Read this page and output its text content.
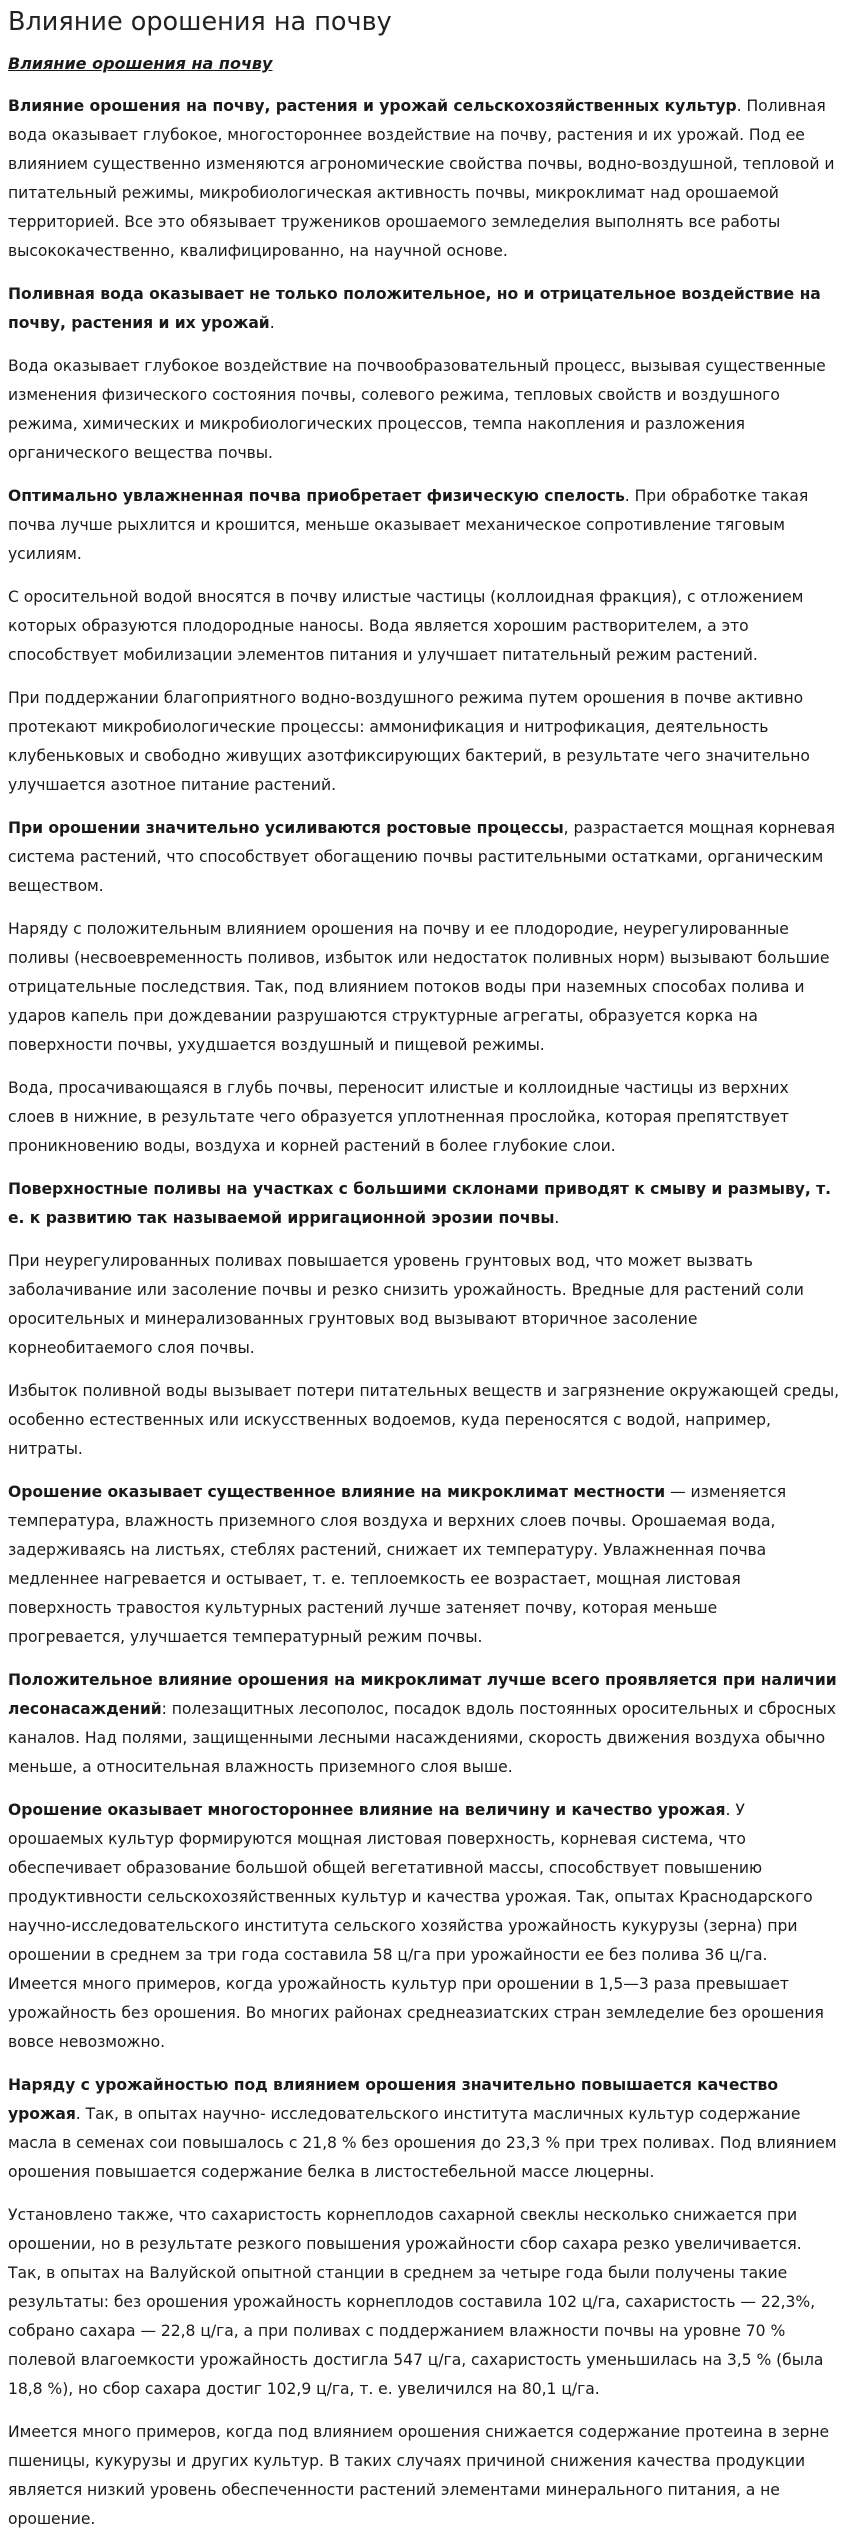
Влияние орошения на почву
Влияние орошения на почву

Влияние орошения на почву, растения и урожай сельскохозяйственных культур. Поливная вода оказывает глубокое, многостороннее воздействие на почву, растения и их урожай. Под ее влиянием существенно изменяются агрономические свойства почвы, водно-воздушной, тепловой и питательный режимы, микробиологическая активность почвы, микроклимат над орошаемой территорией. Все это обязывает тружеников орошаемого земледелия выполнять все работы высококачественно, квалифицированно, на научной основе.

Поливная вода оказывает не только положительное, но и отрицательное воздействие на почву, растения и их урожай.

Вода оказывает глубокое воздействие на почвообразовательный процесс, вызывая существенные изменения физического состояния почвы, солевого режима, тепловых свойств и воздушного режима, химических и микробиологических процессов, темпа накопления и разложения органического вещества почвы.

Оптимально увлажненная почва приобретает физическую спелость. При обработке такая почва лучше рыхлится и крошится, меньше оказывает механическое сопротивление тяговым усилиям.

С оросительной водой вносятся в почву илистые частицы (коллоидная фракция), с отложением которых образуются плодородные наносы. Вода является хорошим растворителем, а это способствует мобилизации элементов питания и улучшает питательный режим растений.

При поддержании благоприятного водно-воздушного режима путем орошения в почве активно протекают микробиологические процессы: аммонификация и нитрофикация, деятельность клубеньковых и свободно живущих азотфиксирующих бактерий, в результате чего значительно улучшается азотное питание растений.

При орошении значительно усиливаются ростовые процессы, разрастается мощная корневая система растений, что способствует обогащению почвы растительными остатками, органическим веществом.

Наряду с положительным влиянием орошения на почву и ее плодородие, неурегулированные поливы (несвоевременность поливов, избыток или недостаток поливных норм) вызывают большие отрицательные последствия. Так, под влиянием потоков воды при наземных способах полива и ударов капель при дождевании разрушаются структурные агрегаты, образуется корка на поверхности почвы, ухудшается воздушный и пищевой режимы.

Вода, просачивающаяся в глубь почвы, переносит илистые и коллоидные частицы из верхних слоев в нижние, в результате чего образуется уплотненная прослойка, которая препятствует проникновению воды, воздуха и корней растений в более глубокие слои.

Поверхностные поливы на участках с большими склонами приводят к смыву и размыву, т. е. к развитию так называемой ирригационной эрозии почвы.

При неурегулированных поливах повышается уровень грунтовых вод, что может вызвать заболачивание или засоление почвы и резко снизить урожайность. Вредные для растений соли оросительных и минерализованных грунтовых вод вызывают вторичное засоление корнеобитаемого слоя почвы.

Избыток поливной воды вызывает потери питательных веществ и загрязнение окружающей среды, особенно естественных или искусственных водоемов, куда переносятся с водой, например, нитраты.

Орошение оказывает существенное влияние на микроклимат местности — изменяется температура, влажность приземного слоя воздуха и верхних слоев почвы. Орошаемая вода, задерживаясь на листьях, стеблях растений, снижает их температуру. Увлажненная почва медленнее нагревается и остывает, т. е. теплоемкость ее возрастает, мощная листовая поверхность травостоя культурных растений лучше затеняет почву, которая меньше прогревается, улучшается температурный режим почвы.

Положительное влияние орошения на микроклимат лучше всего проявляется при наличии лесонасаждений: полезащитных лесополос, посадок вдоль постоянных оросительных и сбросных каналов. Над полями, защищенными лесными насаждениями, скорость движения воздуха обычно меньше, а относительная влажность приземного слоя выше.

Орошение оказывает многостороннее влияние на величину и качество урожая. У орошаемых культур формируются мощная листовая поверхность, корневая система, что обеспечивает образование большой общей вегетативной массы, способствует повышению продуктивности сельскохозяйственных культур и качества урожая. Так, опытах Краснодарского научно-исследовательского института сельского хозяйства урожайность кукурузы (зерна) при орошении в среднем за три года составила 58 ц/га при урожайности ее без полива 36 ц/га. Имеется много примеров, когда урожайность культур при орошении в 1,5—3 раза превышает урожайность без орошения. Во многих районах среднеазиатских стран земледелие без орошения вовсе невозможно.

Наряду с урожайностью под влиянием орошения значительно повышается качество урожая. Так, в опытах научно- исследовательского института масличных культур содержание масла в семенах сои повышалось с 21,8 % без орошения до 23,3 % при трех поливах. Под влиянием орошения повышается содержание белка в листостебельной массе люцерны.

Установлено также, что сахаристость корнеплодов сахарной свеклы несколько снижается при орошении, но в результате резкого повышения урожайности сбор сахара резко увеличивается. Так, в опытах на Валуйской опытной станции в среднем за четыре года были получены такие результаты: без орошения урожайность корнеплодов составила 102 ц/га, сахаристость — 22,3%, собрано сахара — 22,8 ц/га, а при поливах с поддержанием влажности почвы на уровне 70 % полевой влагоемкости урожайность достигла 547 ц/га, сахаристость уменьшилась на 3,5 % (была 18,8 %), но сбор сахара достиг 102,9 ц/га, т. е. увеличился на 80,1 ц/га.

Имеется много примеров, когда под влиянием орошения снижается содержание протеина в зерне пшеницы, кукурузы и других культур. В таких случаях причиной снижения качества продукции является низкий уровень обеспеченности растений элементами минерального питания, а не орошение.
